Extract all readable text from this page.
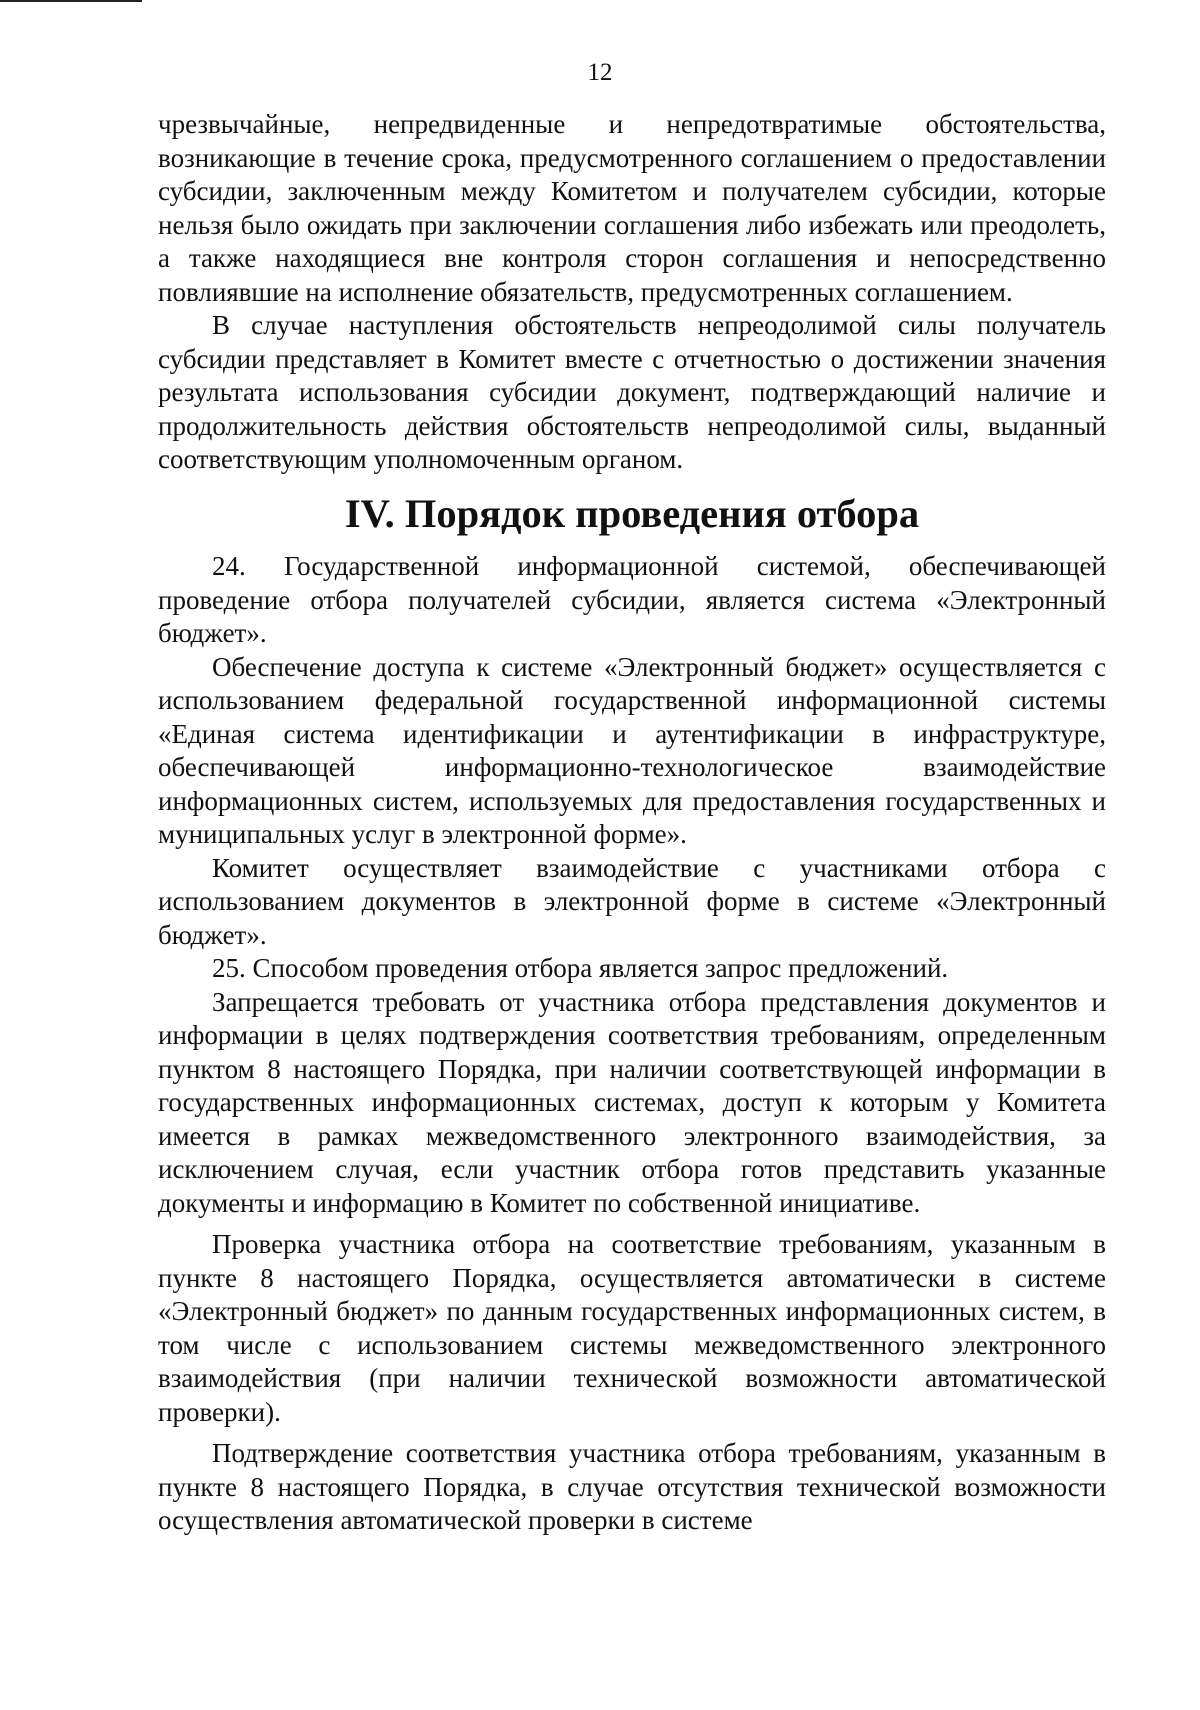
12

чрезвычайные, непредвиденные и непредотвратимые обстоятельства, возникающие в течение срока, предусмотренного соглашением о предоставлении субсидии, заключенным между Комитетом и получателем субсидии, которые нельзя было ожидать при заключении соглашения либо избежать или преодолеть, а также находящиеся вне контроля сторон соглашения и непосредственно повлиявшие на исполнение обязательств, предусмотренных соглашением.

В случае наступления обстоятельств непреодолимой силы получатель субсидии представляет в Комитет вместе с отчетностью о достижении значения результата использования субсидии документ, подтверждающий наличие и продолжительность действия обстоятельств непреодолимой силы, выданный соответствующим уполномоченным органом.

IV. Порядок проведения отбора

24. Государственной информационной системой, обеспечивающей проведение отбора получателей субсидии, является система «Электронный бюджет».

Обеспечение доступа к системе «Электронный бюджет» осуществляется с использованием федеральной государственной информационной системы «Единая система идентификации и аутентификации в инфраструктуре, обеспечивающей информационно-технологическое взаимодействие информационных систем, используемых для предоставления государственных и муниципальных услуг в электронной форме».

Комитет осуществляет взаимодействие с участниками отбора с использованием документов в электронной форме в системе «Электронный бюджет».

25. Способом проведения отбора является запрос предложений.

Запрещается требовать от участника отбора представления документов и информации в целях подтверждения соответствия требованиям, определенным пунктом 8 настоящего Порядка, при наличии соответствующей информации в государственных информационных системах, доступ к которым у Комитета имеется в рамках межведомственного электронного взаимодействия, за исключением случая, если участник отбора готов представить указанные документы и информацию в Комитет по собственной инициативе.

Проверка участника отбора на соответствие требованиям, указанным в пункте 8 настоящего Порядка, осуществляется автоматически в системе «Электронный бюджет» по данным государственных информационных систем, в том числе с использованием системы межведомственного электронного взаимодействия (при наличии технической возможности автоматической проверки).

Подтверждение соответствия участника отбора требованиям, указанным в пункте 8 настоящего Порядка, в случае отсутствия технической возможности осуществления автоматической проверки в системе
